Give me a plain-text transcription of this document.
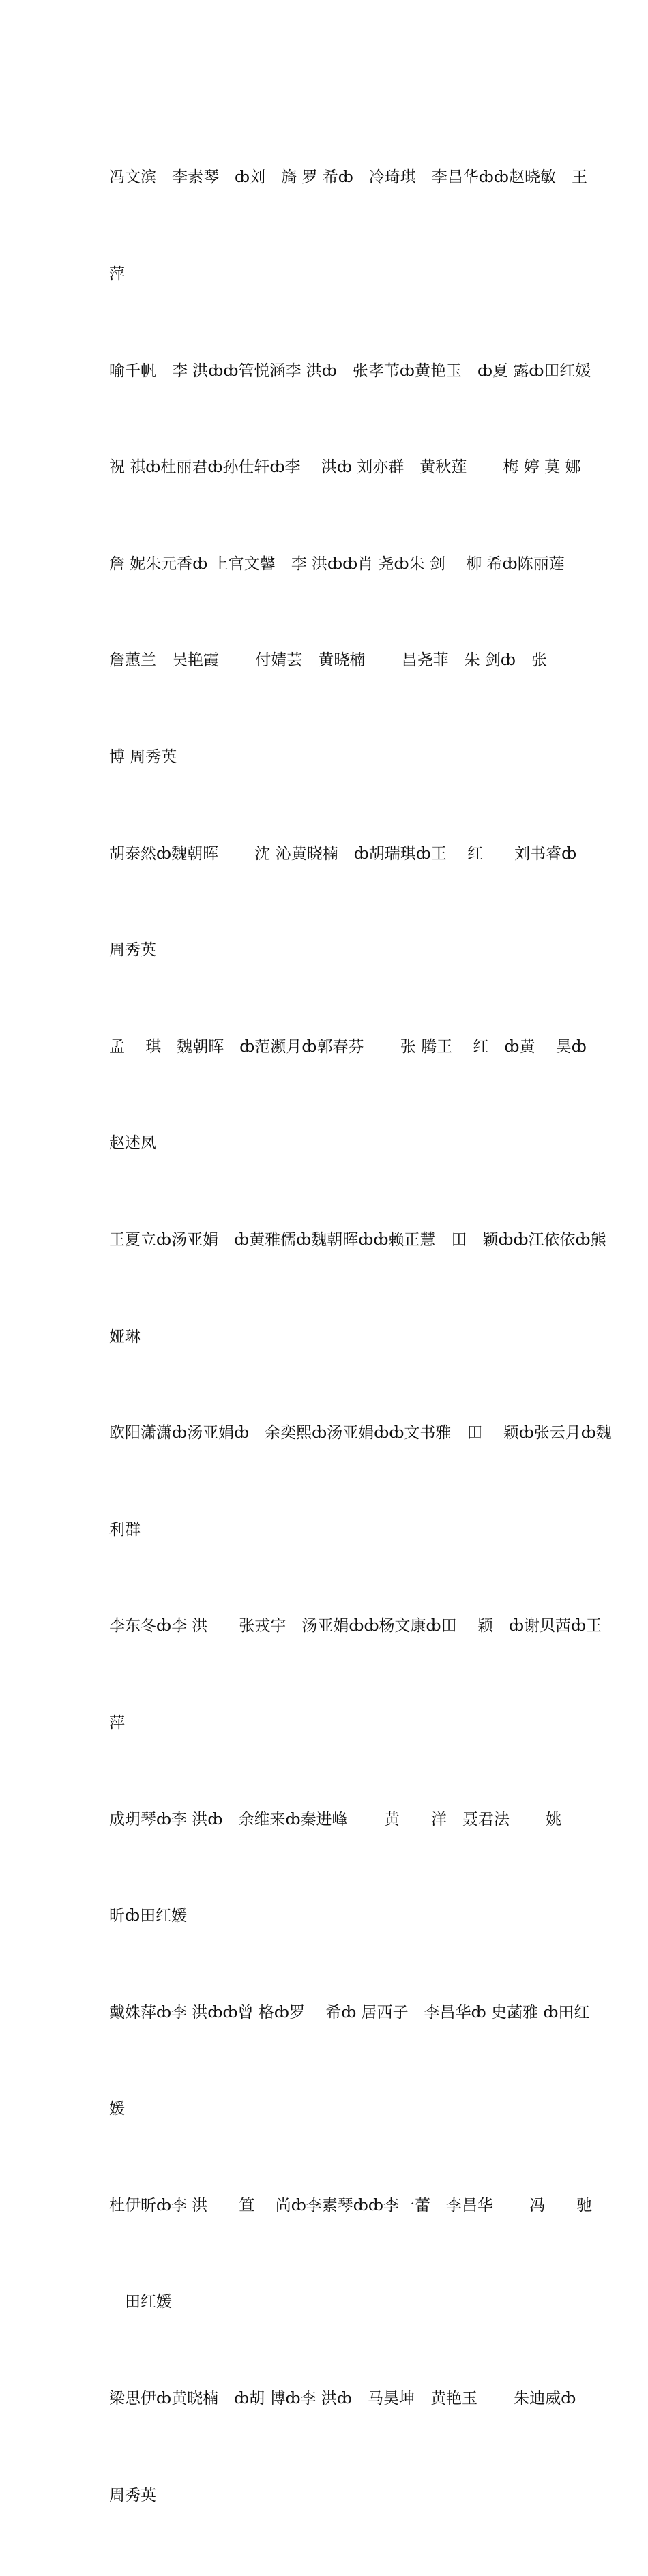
冯文滨　李素琴　ȸ刘　旖 罗 希ȸ　冷琦琪　李昌华ȸȸ赵晓敏　王

萍

喻千帆　李 洪ȸȸ管悦涵李 洪ȸ　张孝苇ȸ黄艳玉　ȸ夏 露ȸ田红媛

祝 祺ȸ杜丽君ȸ孙仕轩ȸ李　 洪ȸ 刘亦群　黄秋莲　　 梅 婷 莫 娜

詹 妮朱元香ȸ 上官文馨　李 洪ȸȸ肖 尧ȸ朱 剑　 柳 希ȸ陈丽莲

詹蕙兰　吴艳霞　　 付婧芸　黄晓楠　　 昌尧菲　朱 剑ȸ　张

博 周秀英

胡泰然ȸ魏朝晖　　 沈 沁黄晓楠　ȸ胡瑞琪ȸ王　 红　　刘书睿ȸ

周秀英

孟　 琪　魏朝晖　ȸ范濒月ȸ郭春芬　　 张 腾王　 红　ȸ黄　 昊ȸ

赵述凤

王夏立ȸ汤亚娟　ȸ黄雅儒ȸ魏朝晖ȸȸ赖正慧　田　颖ȸȸ江依依ȸ熊

娅琳

欧阳潇潇ȸ汤亚娟ȸ　余奕熙ȸ汤亚娟ȸȸ文书雅　田　 颖ȸ张云月ȸ魏

利群

李东冬ȸ李 洪　　张戎宇　汤亚娟ȸȸ杨文康ȸ田　 颖　ȸ谢贝茜ȸ王

萍

成玥琴ȸ李 洪ȸ　余维来ȸ秦进峰　　 黄　　洋　聂君法　　 姚

昕ȸ田红媛

戴姝萍ȸ李 洪ȸȸ曾 格ȸ罗　 希ȸ 居西子　李昌华ȸ 史菡雅 ȸ田红

媛

杜伊昕ȸ李 洪　　笪　 尚ȸ李素琴ȸȸ李一蕾　李昌华　　 冯　　驰

　田红媛

梁思伊ȸ黄晓楠　ȸ胡 博ȸ李 洪ȸ　马昊坤　黄艳玉　　 朱迪威ȸ

周秀英
